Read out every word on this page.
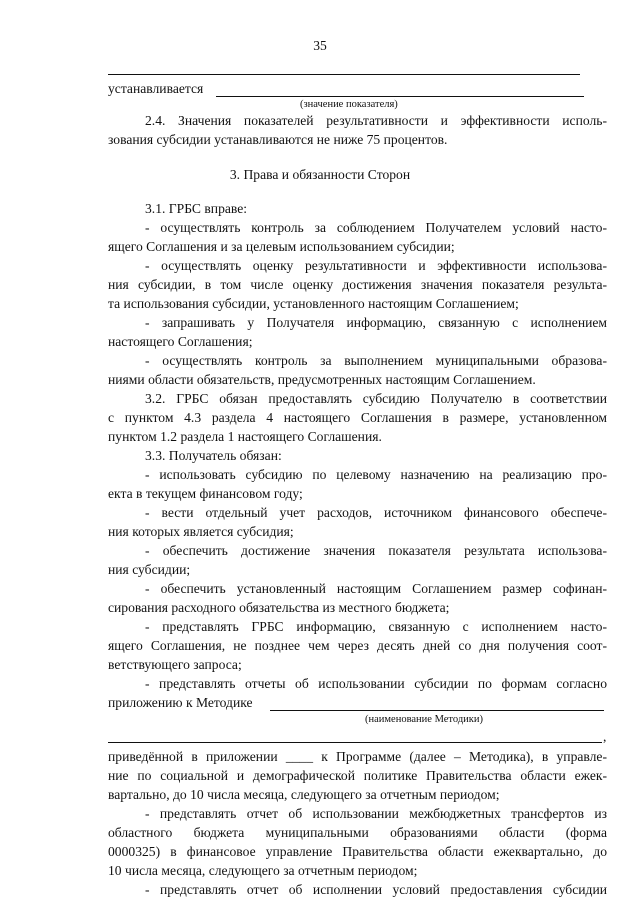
35
устанавливается
(значение показателя)
2.4. Значения показателей результативности и эффективности исполь-
зования субсидии устанавливаются не ниже 75 процентов.
3. Права и обязанности Сторон
3.1. ГРБС вправе:
- осуществлять контроль за соблюдением Получателем условий насто-
ящего Соглашения и за целевым использованием субсидии;
- осуществлять оценку результативности и эффективности использова-
ния субсидии, в том числе оценку достижения значения показателя результа-
та использования субсидии, установленного настоящим Соглашением;
- запрашивать у Получателя информацию, связанную с исполнением
настоящего Соглашения;
- осуществлять контроль за выполнением муниципальными образова-
ниями области обязательств, предусмотренных настоящим Соглашением.
3.2. ГРБС обязан предоставлять субсидию Получателю в соответствии
с пунктом 4.3 раздела 4 настоящего Соглашения в размере, установленном
пунктом 1.2 раздела 1 настоящего Соглашения.
3.3. Получатель обязан:
- использовать субсидию по целевому назначению на реализацию про-
екта в текущем финансовом году;
- вести отдельный учет расходов, источником финансового обеспече-
ния которых является субсидия;
- обеспечить достижение значения показателя результата использова-
ния субсидии;
- обеспечить установленный настоящим Соглашением размер софинан-
сирования расходного обязательства из местного бюджета;
- представлять ГРБС информацию, связанную с исполнением насто-
ящего Соглашения, не позднее чем через десять дней со дня получения соот-
ветствующего запроса;
- представлять отчеты об использовании субсидии по формам согласно
приложению к Методике
(наименование Методики)
,
приведённой в приложении ____ к Программе (далее – Методика), в управле-
ние по социальной и демографической политике Правительства области ежек-
вартально, до 10 числа месяца, следующего за отчетным периодом;
- представлять отчет об использовании межбюджетных трансфертов из
областного бюджета муниципальными образованиями области (форма
0000325) в финансовое управление Правительства области ежеквартально, до
10 числа месяца, следующего за отчетным периодом;
- представлять отчет об исполнении условий предоставления субсидии
